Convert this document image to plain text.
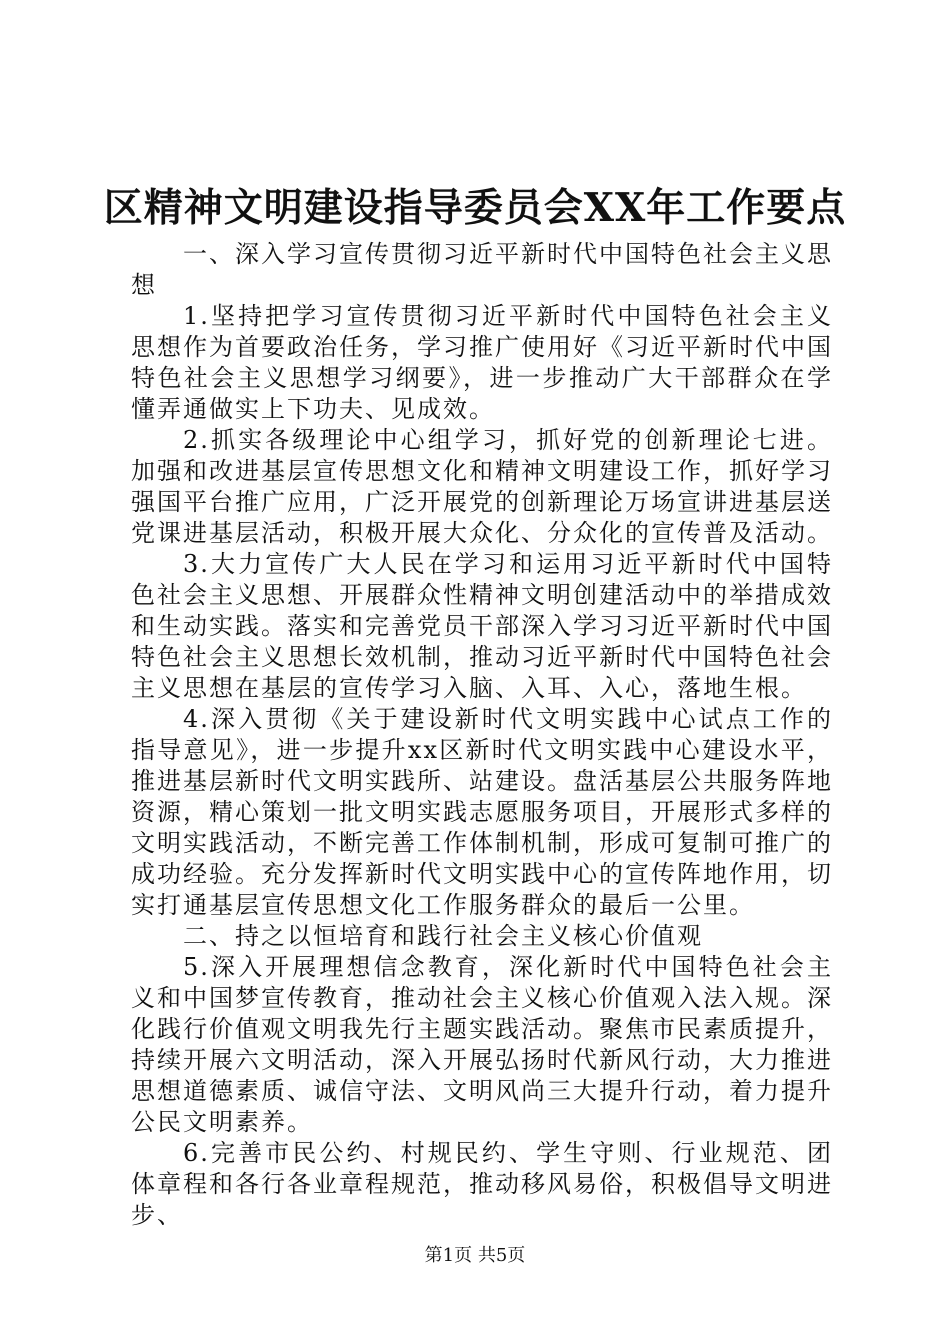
区精神文明建设指导委员会XX年工作要点

一、深入学习宣传贯彻习近平新时代中国特色社会主义思想

1.坚持把学习宣传贯彻习近平新时代中国特色社会主义思想作为首要政治任务，学习推广使用好《习近平新时代中国特色社会主义思想学习纲要》，进一步推动广大干部群众在学懂弄通做实上下功夫、见成效。

2.抓实各级理论中心组学习，抓好党的创新理论七进。加强和改进基层宣传思想文化和精神文明建设工作，抓好学习强国平台推广应用，广泛开展党的创新理论万场宣讲进基层送党课进基层活动，积极开展大众化、分众化的宣传普及活动。

3.大力宣传广大人民在学习和运用习近平新时代中国特色社会主义思想、开展群众性精神文明创建活动中的举措成效和生动实践。落实和完善党员干部深入学习习近平新时代中国特色社会主义思想长效机制，推动习近平新时代中国特色社会主义思想在基层的宣传学习入脑、入耳、入心，落地生根。

4.深入贯彻《关于建设新时代文明实践中心试点工作的指导意见》，进一步提升xx区新时代文明实践中心建设水平，推进基层新时代文明实践所、站建设。盘活基层公共服务阵地资源，精心策划一批文明实践志愿服务项目，开展形式多样的文明实践活动，不断完善工作体制机制，形成可复制可推广的成功经验。充分发挥新时代文明实践中心的宣传阵地作用，切实打通基层宣传思想文化工作服务群众的最后一公里。

二、持之以恒培育和践行社会主义核心价值观

5.深入开展理想信念教育，深化新时代中国特色社会主义和中国梦宣传教育，推动社会主义核心价值观入法入规。深化践行价值观文明我先行主题实践活动。聚焦市民素质提升，持续开展六文明活动，深入开展弘扬时代新风行动，大力推进思想道德素质、诚信守法、文明风尚三大提升行动，着力提升公民文明素养。

6.完善市民公约、村规民约、学生守则、行业规范、团体章程和各行各业章程规范，推动移风易俗，积极倡导文明进步、

第1页 共5页
